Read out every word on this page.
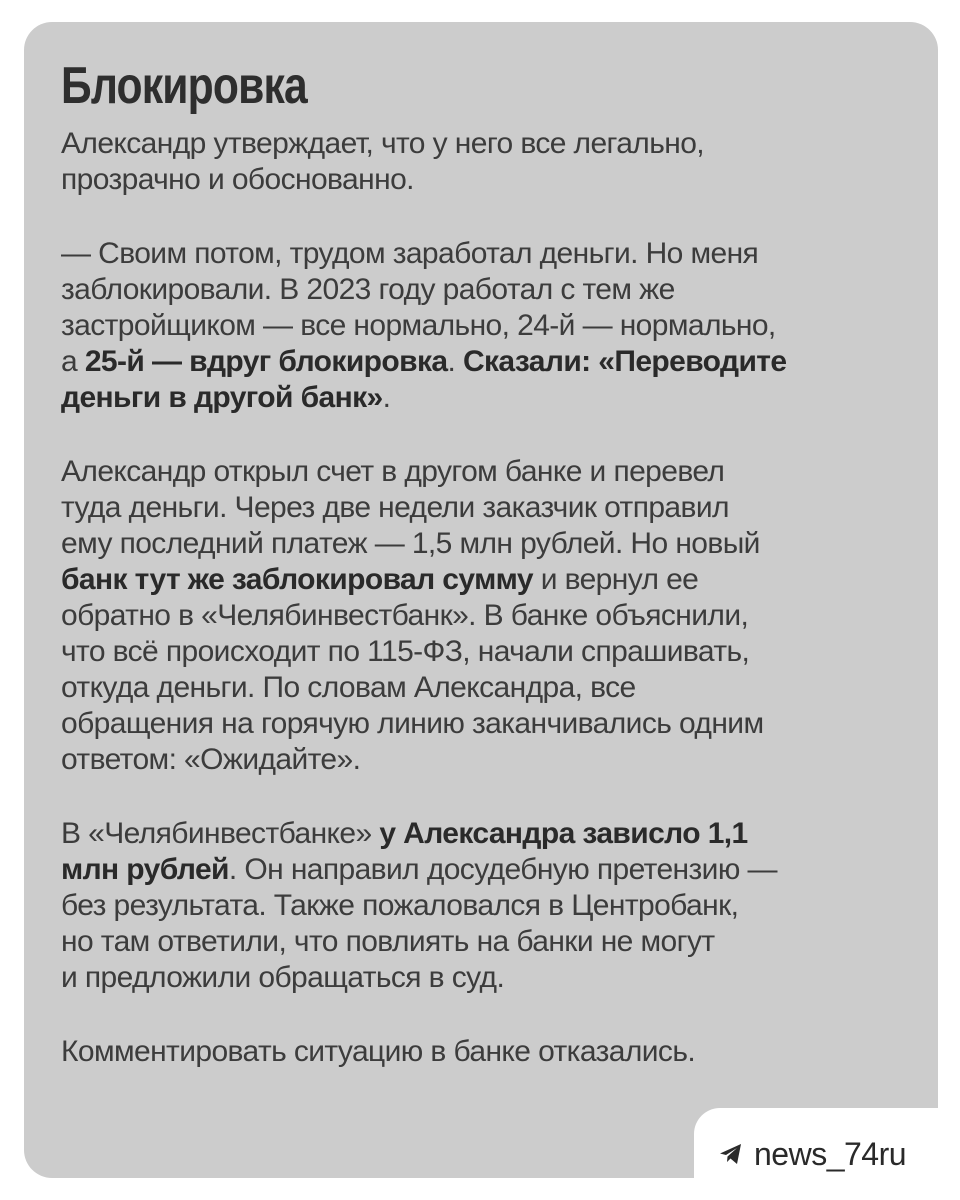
Блокировка

Александр утверждает, что у него все легально,
прозрачно и обоснованно.

— Своим потом, трудом заработал деньги. Но меня
заблокировали. В 2023 году работал с тем же
застройщиком — все нормально, 24-й — нормально,
а 25-й — вдруг блокировка. Сказали: «Переводите
деньги в другой банк».

Александр открыл счет в другом банке и перевел
туда деньги. Через две недели заказчик отправил
ему последний платеж — 1,5 млн рублей. Но новый
банк тут же заблокировал сумму и вернул ее
обратно в «Челябинвестбанк». В банке объяснили,
что всё происходит по 115-ФЗ, начали спрашивать,
откуда деньги. По словам Александра, все
обращения на горячую линию заканчивались одним
ответом: «Ожидайте».

В «Челябинвестбанке» у Александра зависло 1,1
млн рублей. Он направил досудебную претензию —
без результата. Также пожаловался в Центробанк,
но там ответили, что повлиять на банки не могут
и предложили обращаться в суд.

Комментировать ситуацию в банке отказались.

news_74ru
